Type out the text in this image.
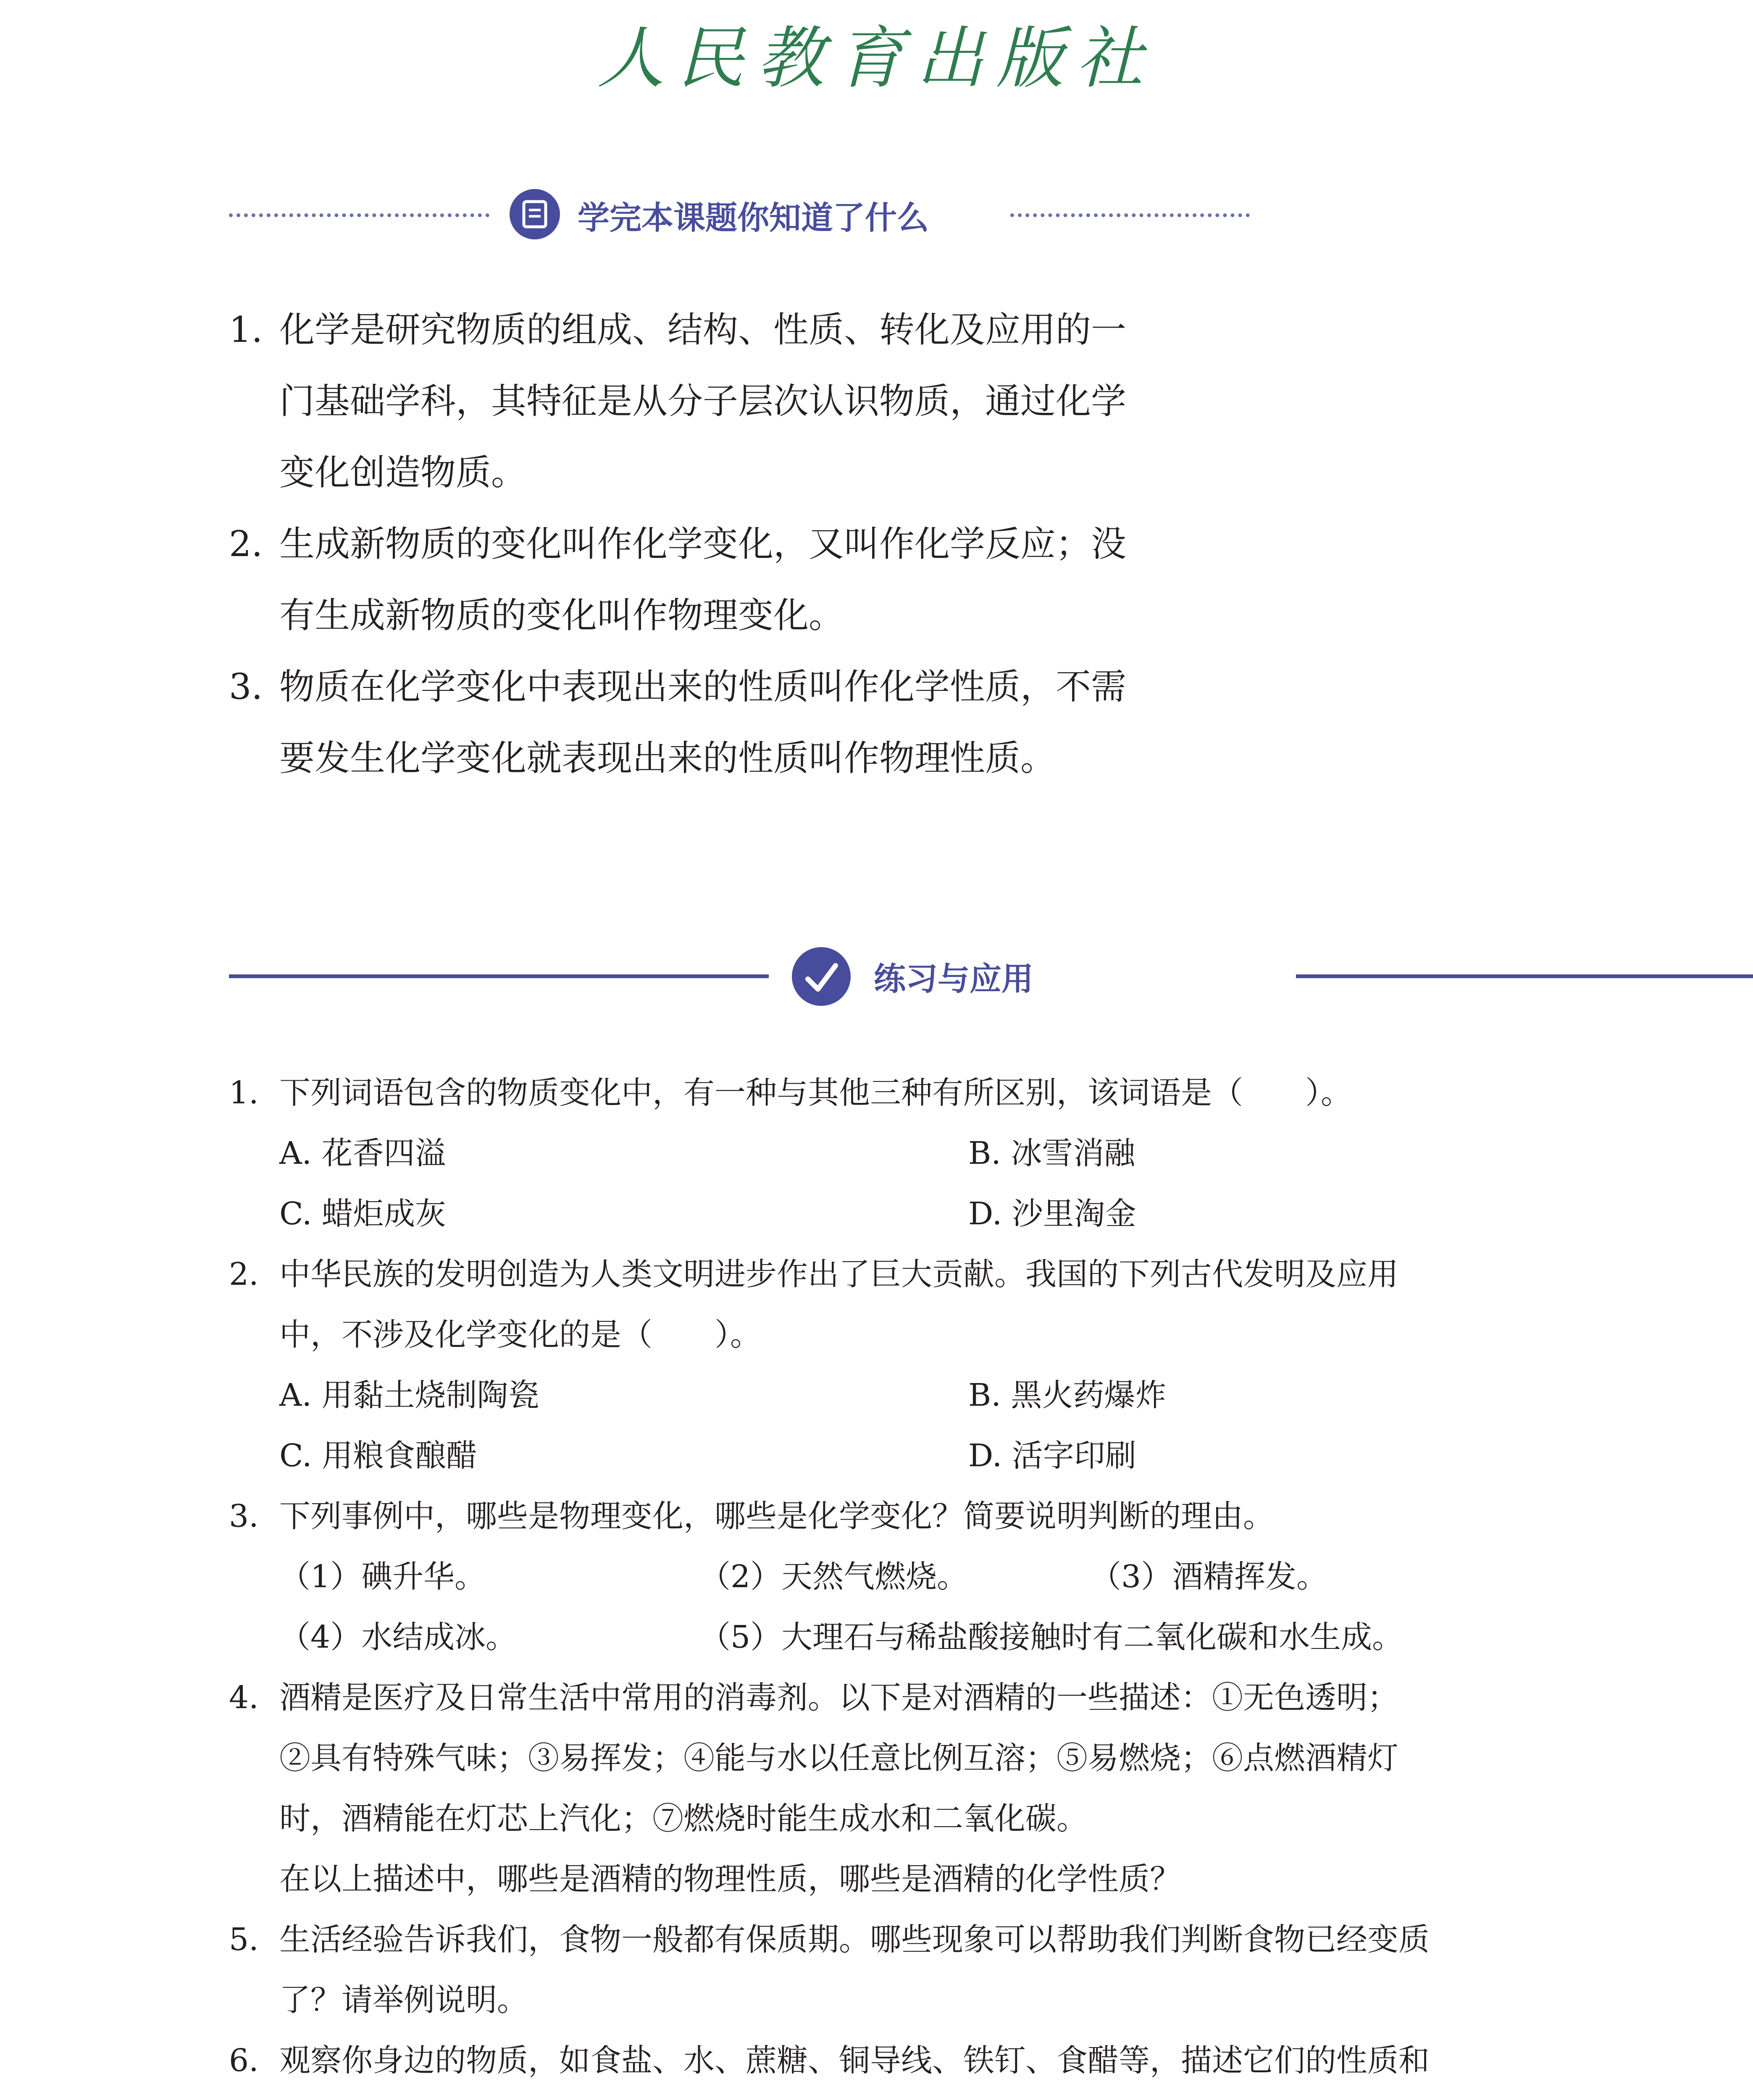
人民教育出版社
学完本课题你知道了什么
1. 化学是研究物质的组成、结构、性质、转化及应用的一
门基础学科，其特征是从分子层次认识物质，通过化学
变化创造物质。
2. 生成新物质的变化叫作化学变化，又叫作化学反应；没
有生成新物质的变化叫作物理变化。
3. 物质在化学变化中表现出来的性质叫作化学性质，不需
要发生化学变化就表现出来的性质叫作物理性质。
练习与应用
1. 下列词语包含的物质变化中，有一种与其他三种有所区别，该词语是（　　）。
A. 花香四溢	B. 冰雪消融
C. 蜡炬成灰	D. 沙里淘金
2. 中华民族的发明创造为人类文明进步作出了巨大贡献。我国的下列古代发明及应用
中，不涉及化学变化的是（　　）。
A. 用黏土烧制陶瓷	B. 黑火药爆炸
C. 用粮食酿醋	D. 活字印刷
3. 下列事例中，哪些是物理变化，哪些是化学变化？简要说明判断的理由。
（1）碘升华。	（2）天然气燃烧。	（3）酒精挥发。
（4）水结成冰。	（5）大理石与稀盐酸接触时有二氧化碳和水生成。
4. 酒精是医疗及日常生活中常用的消毒剂。以下是对酒精的一些描述：①无色透明；
②具有特殊气味；③易挥发；④能与水以任意比例互溶；⑤易燃烧；⑥点燃酒精灯
时，酒精能在灯芯上汽化；⑦燃烧时能生成水和二氧化碳。
在以上描述中，哪些是酒精的物理性质，哪些是酒精的化学性质？
5. 生活经验告诉我们，食物一般都有保质期。哪些现象可以帮助我们判断食物已经变质
了？请举例说明。
6. 观察你身边的物质，如食盐、水、蔗糖、铜导线、铁钉、食醋等，描述它们的性质和
